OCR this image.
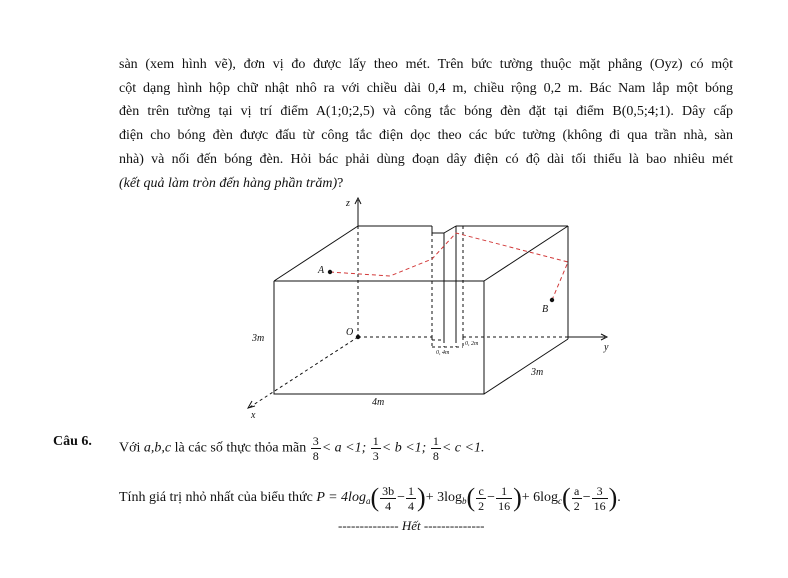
sàn (xem hình vẽ), đơn vị đo được lấy theo mét. Trên bức tường thuộc mặt phẳng (Oyz) có một
cột dạng hình hộp chữ nhật nhô ra với chiều dài 0,4 m, chiều rộng 0,2 m. Bác Nam lắp một bóng
đèn trên tường tại vị trí điểm A(1;0;2,5) và công tắc bóng đèn đặt tại điểm B(0,5;4;1). Dây cấp
điện cho bóng đèn được đấu từ công tắc điện dọc theo các bức tường (không đi qua trần nhà, sàn
nhà) và nối đến bóng đèn. Hỏi bác phải dùng đoạn dây điện có độ dài tối thiểu là bao nhiêu mét
(kết quả làm tròn đến hàng phần trăm)?
z
y
x
O
A
B
3m
4m
3m
0, 4m
0, 2m
Câu 6. Với a,b,c là các số thực thỏa mãn $\frac{3}{8} < a <1$; $\frac{1}{3} < b <1$; $\frac{1}{8} < c <1$.
Tính giá trị nhỏ nhất của biểu thức $P = 4\log_a( \frac{3b}{4} - \frac{1}{4}$ )+ $3\log_b( \frac{c}{2} - \frac{1}{16}$ )+ $6\log_c( \frac{a}{2} - \frac{3}{16}$ ).
-------------- Hết --------------
